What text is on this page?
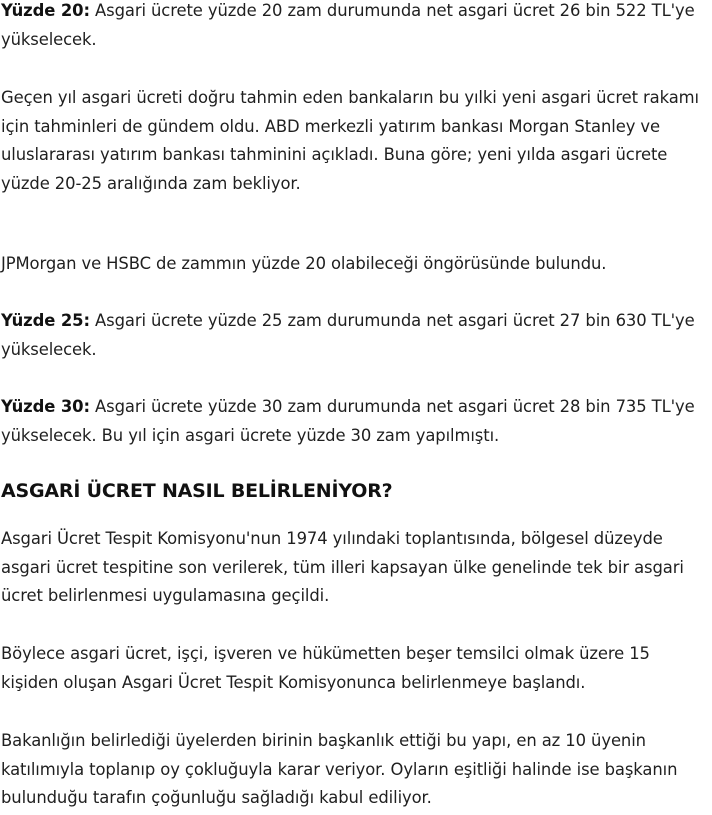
Yüzde 20: Asgari ücrete yüzde 20 zam durumunda net asgari ücret 26 bin 522 TL'ye yükselecek.

Geçen yıl asgari ücreti doğru tahmin eden bankaların bu yılki yeni asgari ücret rakamı için tahminleri de gündem oldu. ABD merkezli yatırım bankası Morgan Stanley ve uluslararası yatırım bankası tahminini açıkladı. Buna göre; yeni yılda asgari ücrete yüzde 20-25 aralığında zam bekliyor.

JPMorgan ve HSBC de zammın yüzde 20 olabileceği öngörüsünde bulundu.

Yüzde 25: Asgari ücrete yüzde 25 zam durumunda net asgari ücret 27 bin 630 TL'ye yükselecek.

Yüzde 30: Asgari ücrete yüzde 30 zam durumunda net asgari ücret 28 bin 735 TL'ye yükselecek. Bu yıl için asgari ücrete yüzde 30 zam yapılmıştı.

ASGARİ ÜCRET NASIL BELİRLENİYOR?

Asgari Ücret Tespit Komisyonu'nun 1974 yılındaki toplantısında, bölgesel düzeyde asgari ücret tespitine son verilerek, tüm illeri kapsayan ülke genelinde tek bir asgari ücret belirlenmesi uygulamasına geçildi.

Böylece asgari ücret, işçi, işveren ve hükümetten beşer temsilci olmak üzere 15 kişiden oluşan Asgari Ücret Tespit Komisyonunca belirlenmeye başlandı.

Bakanlığın belirlediği üyelerden birinin başkanlık ettiği bu yapı, en az 10 üyenin katılımıyla toplanıp oy çokluğuyla karar veriyor. Oyların eşitliği halinde ise başkanın bulunduğu tarafın çoğunluğu sağladığı kabul ediliyor.
